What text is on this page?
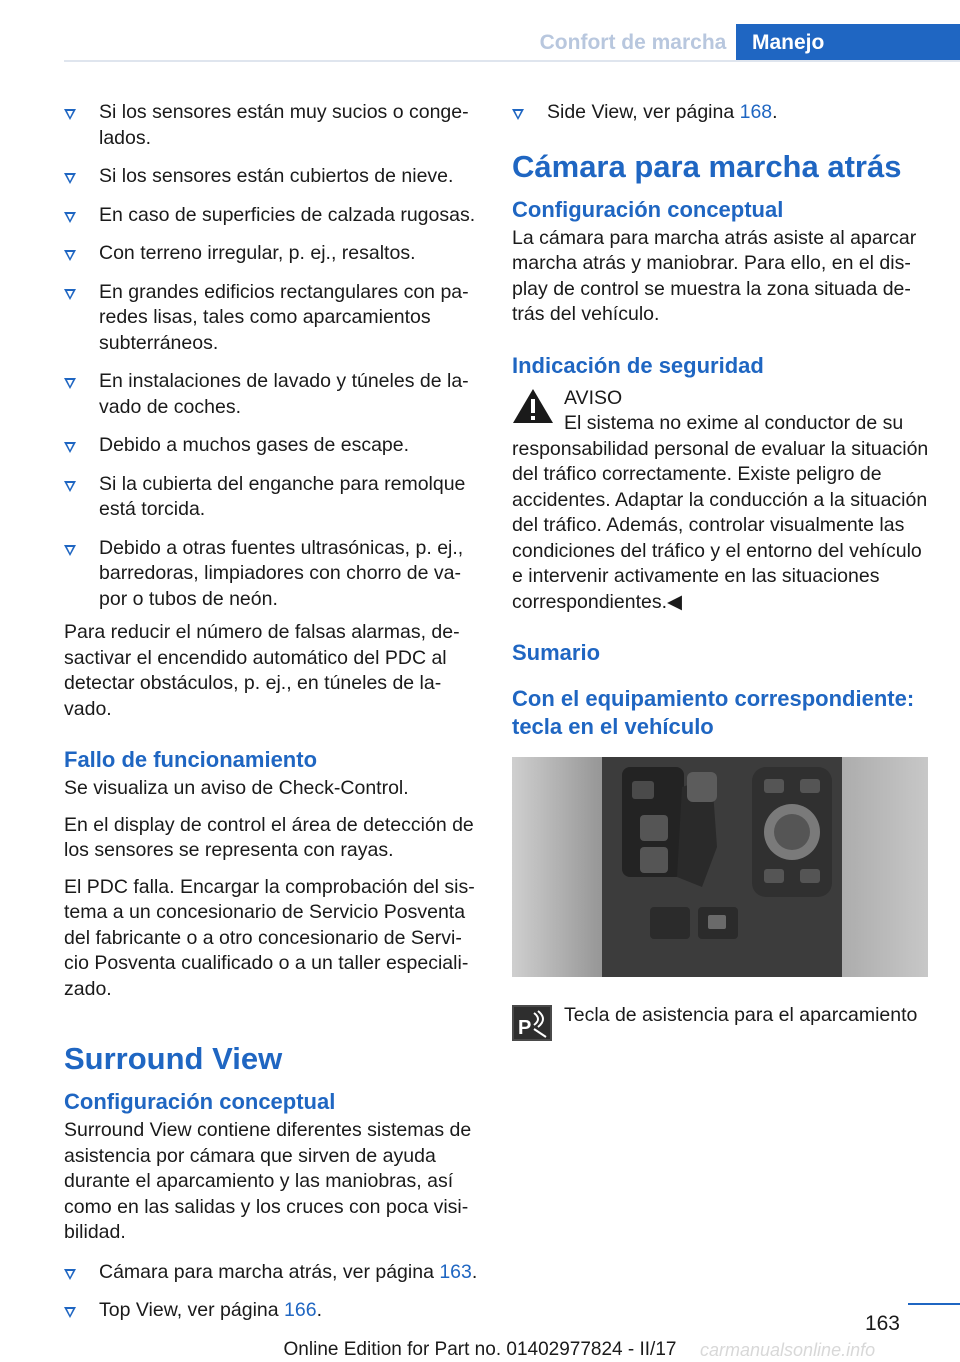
Confort de marcha	Manejo
Si los sensores están muy sucios o congelados.
Si los sensores están cubiertos de nieve.
En caso de superficies de calzada rugosas.
Con terreno irregular, p. ej., resaltos.
En grandes edificios rectangulares con paredes lisas, tales como aparcamientos subterráneos.
En instalaciones de lavado y túneles de lavado de coches.
Debido a muchos gases de escape.
Si la cubierta del enganche para remolque está torcida.
Debido a otras fuentes ultrasónicas, p. ej., barredoras, limpiadores con chorro de vapor o tubos de neón.

Para reducir el número de falsas alarmas, desactivar el encendido automático del PDC al detectar obstáculos, p. ej., en túneles de lavado.

Fallo de funcionamiento

Se visualiza un aviso de Check-Control.

En el display de control el área de detección de los sensores se representa con rayas.

El PDC falla. Encargar la comprobación del sistema a un concesionario de Servicio Posventa del fabricante o a otro concesionario de Servicio Posventa cualificado o a un taller especializado.

Surround View
Configuración conceptual

Surround View contiene diferentes sistemas de asistencia por cámara que sirven de ayuda durante el aparcamiento y las maniobras, así como en las salidas y los cruces con poca visibilidad.

Cámara para marcha atrás, ver página 163.
Top View, ver página 166.
Side View, ver página 168.
Cámara para marcha atrás
Configuración conceptual

La cámara para marcha atrás asiste al aparcar marcha atrás y maniobrar. Para ello, en el display de control se muestra la zona situada detrás del vehículo.

Indicación de seguridad
AVISO

El sistema no exime al conductor de su responsabilidad personal de evaluar la situación del tráfico correctamente. Existe peligro de accidentes. Adaptar la conducción a la situación del tráfico. Además, controlar visualmente las condiciones del tráfico y el entorno del vehículo e intervenir activamente en las situaciones correspondientes.◀

Sumario
Con el equipamiento correspondiente: tecla en el vehículo
P
Tecla de asistencia para el aparcamiento
163
Online Edition for Part no. 01402977824 - II/17	carmanualsonline.info
